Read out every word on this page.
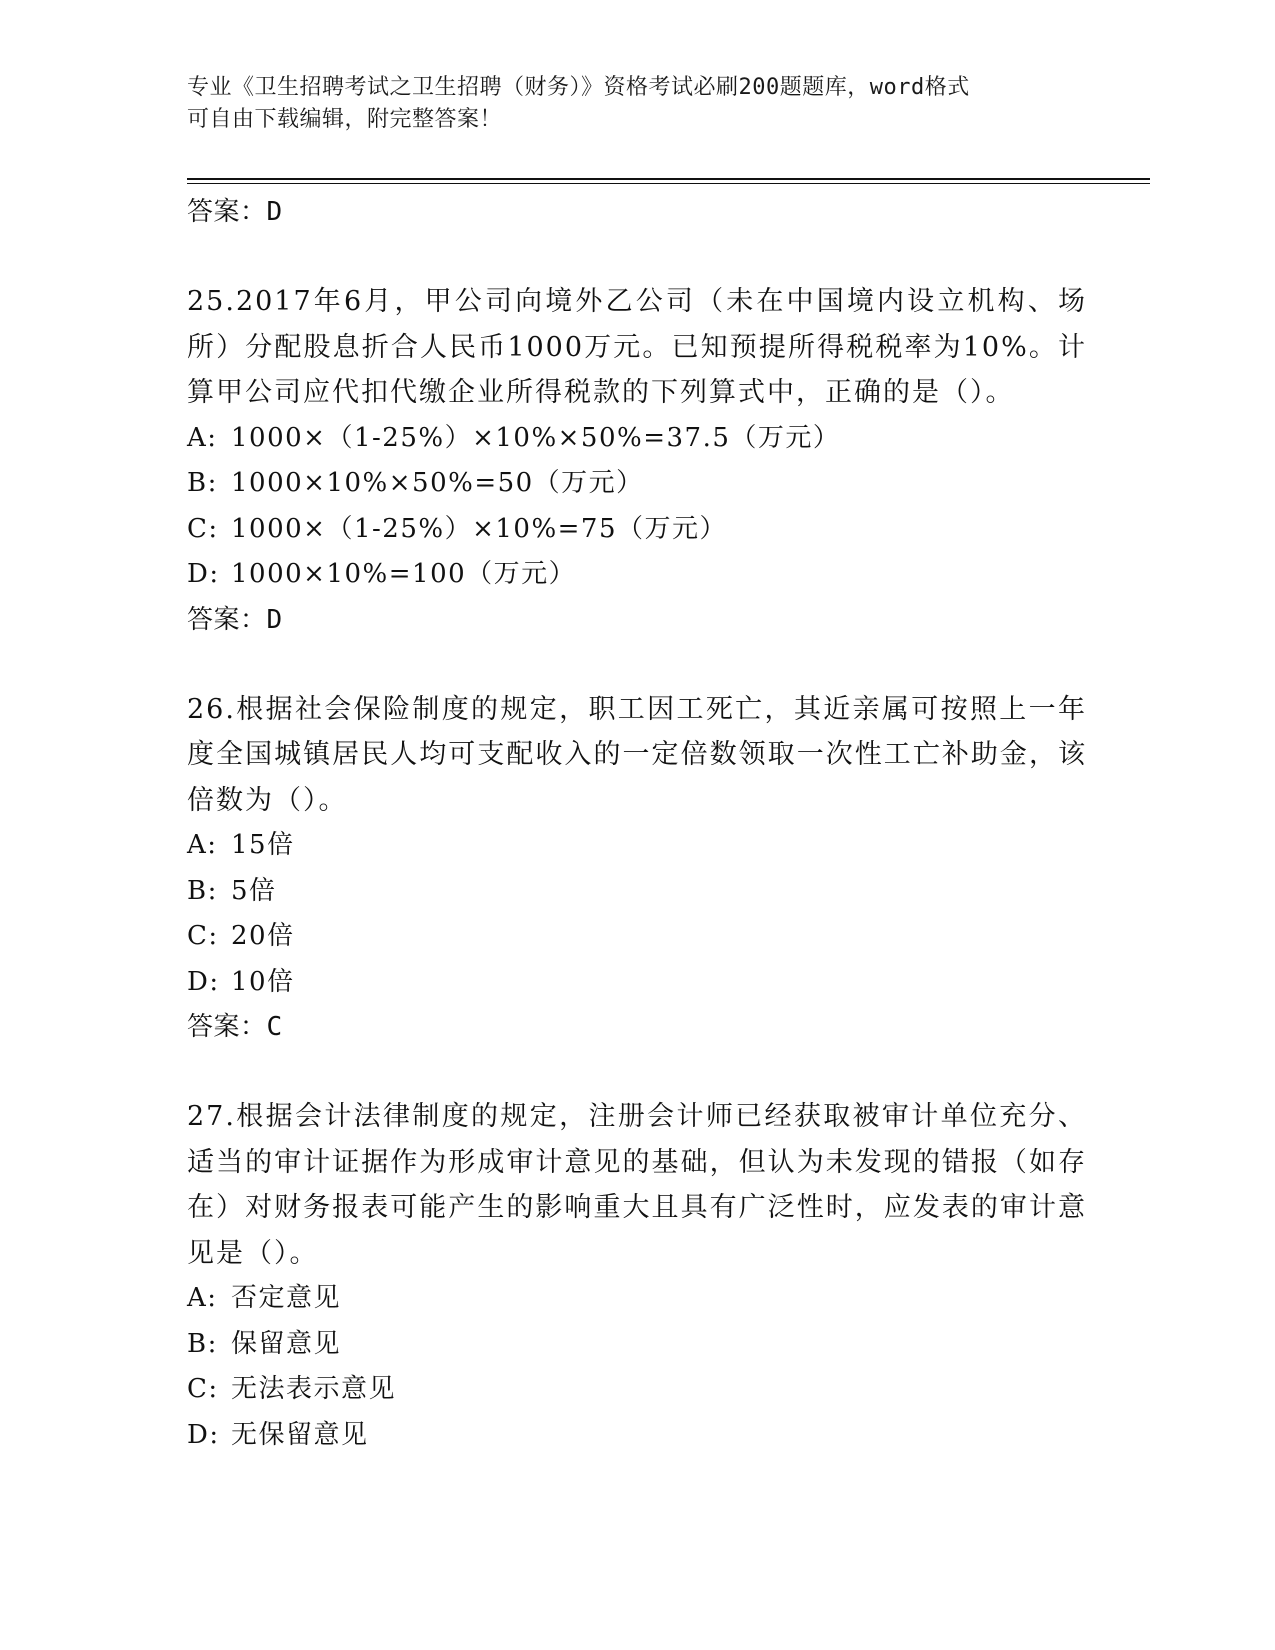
专业《卫生招聘考试之卫生招聘（财务）》资格考试必刷200题题库，word格式
可自由下载编辑，附完整答案！
答案：D

25.2017年6月，甲公司向境外乙公司（未在中国境内设立机构、场所）分配股息折合人民币1000万元。已知预提所得税税率为10%。计算甲公司应代扣代缴企业所得税款的下列算式中，正确的是（）。

A: 1000×（1-25%）×10%×50%=37.5（万元）
B: 1000×10%×50%=50（万元）
C: 1000×（1-25%）×10%=75（万元）
D: 1000×10%=100（万元）
答案：D

26.根据社会保险制度的规定，职工因工死亡，其近亲属可按照上一年度全国城镇居民人均可支配收入的一定倍数领取一次性工亡补助金，该倍数为（）。

A: 15倍
B: 5倍
C: 20倍
D: 10倍
答案：C

27.根据会计法律制度的规定，注册会计师已经获取被审计单位充分、适当的审计证据作为形成审计意见的基础，但认为未发现的错报（如存在）对财务报表可能产生的影响重大且具有广泛性时，应发表的审计意见是（）。

A: 否定意见
B: 保留意见
C: 无法表示意见
D: 无保留意见
